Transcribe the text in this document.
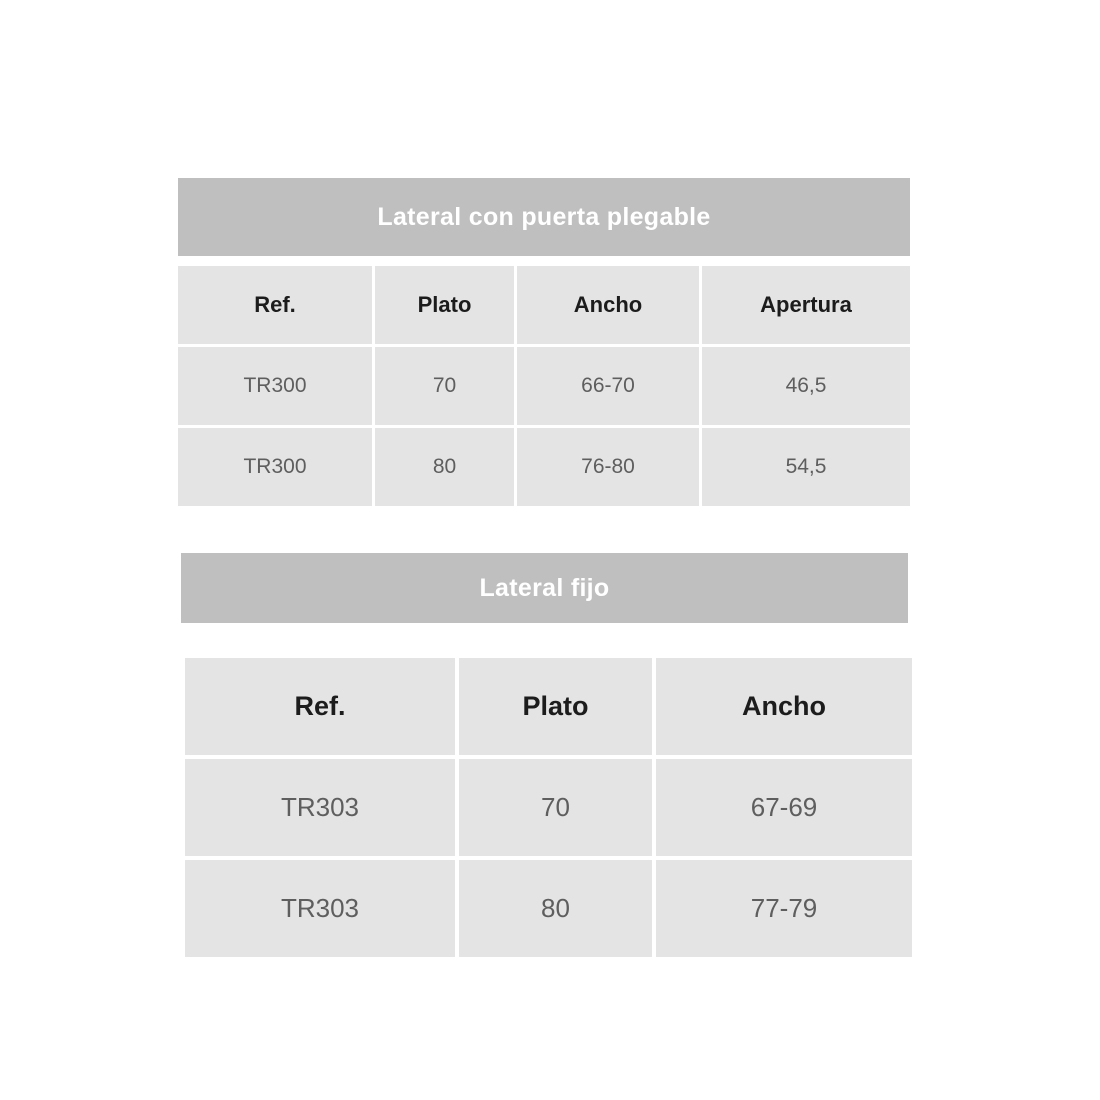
Lateral con puerta plegable
Ref.	Plato	Ancho	Apertura
TR300	70	66-70	46,5
TR300	80	76-80	54,5
Lateral fijo
Ref.	Plato	Ancho
TR303	70	67-69
TR303	80	77-79
